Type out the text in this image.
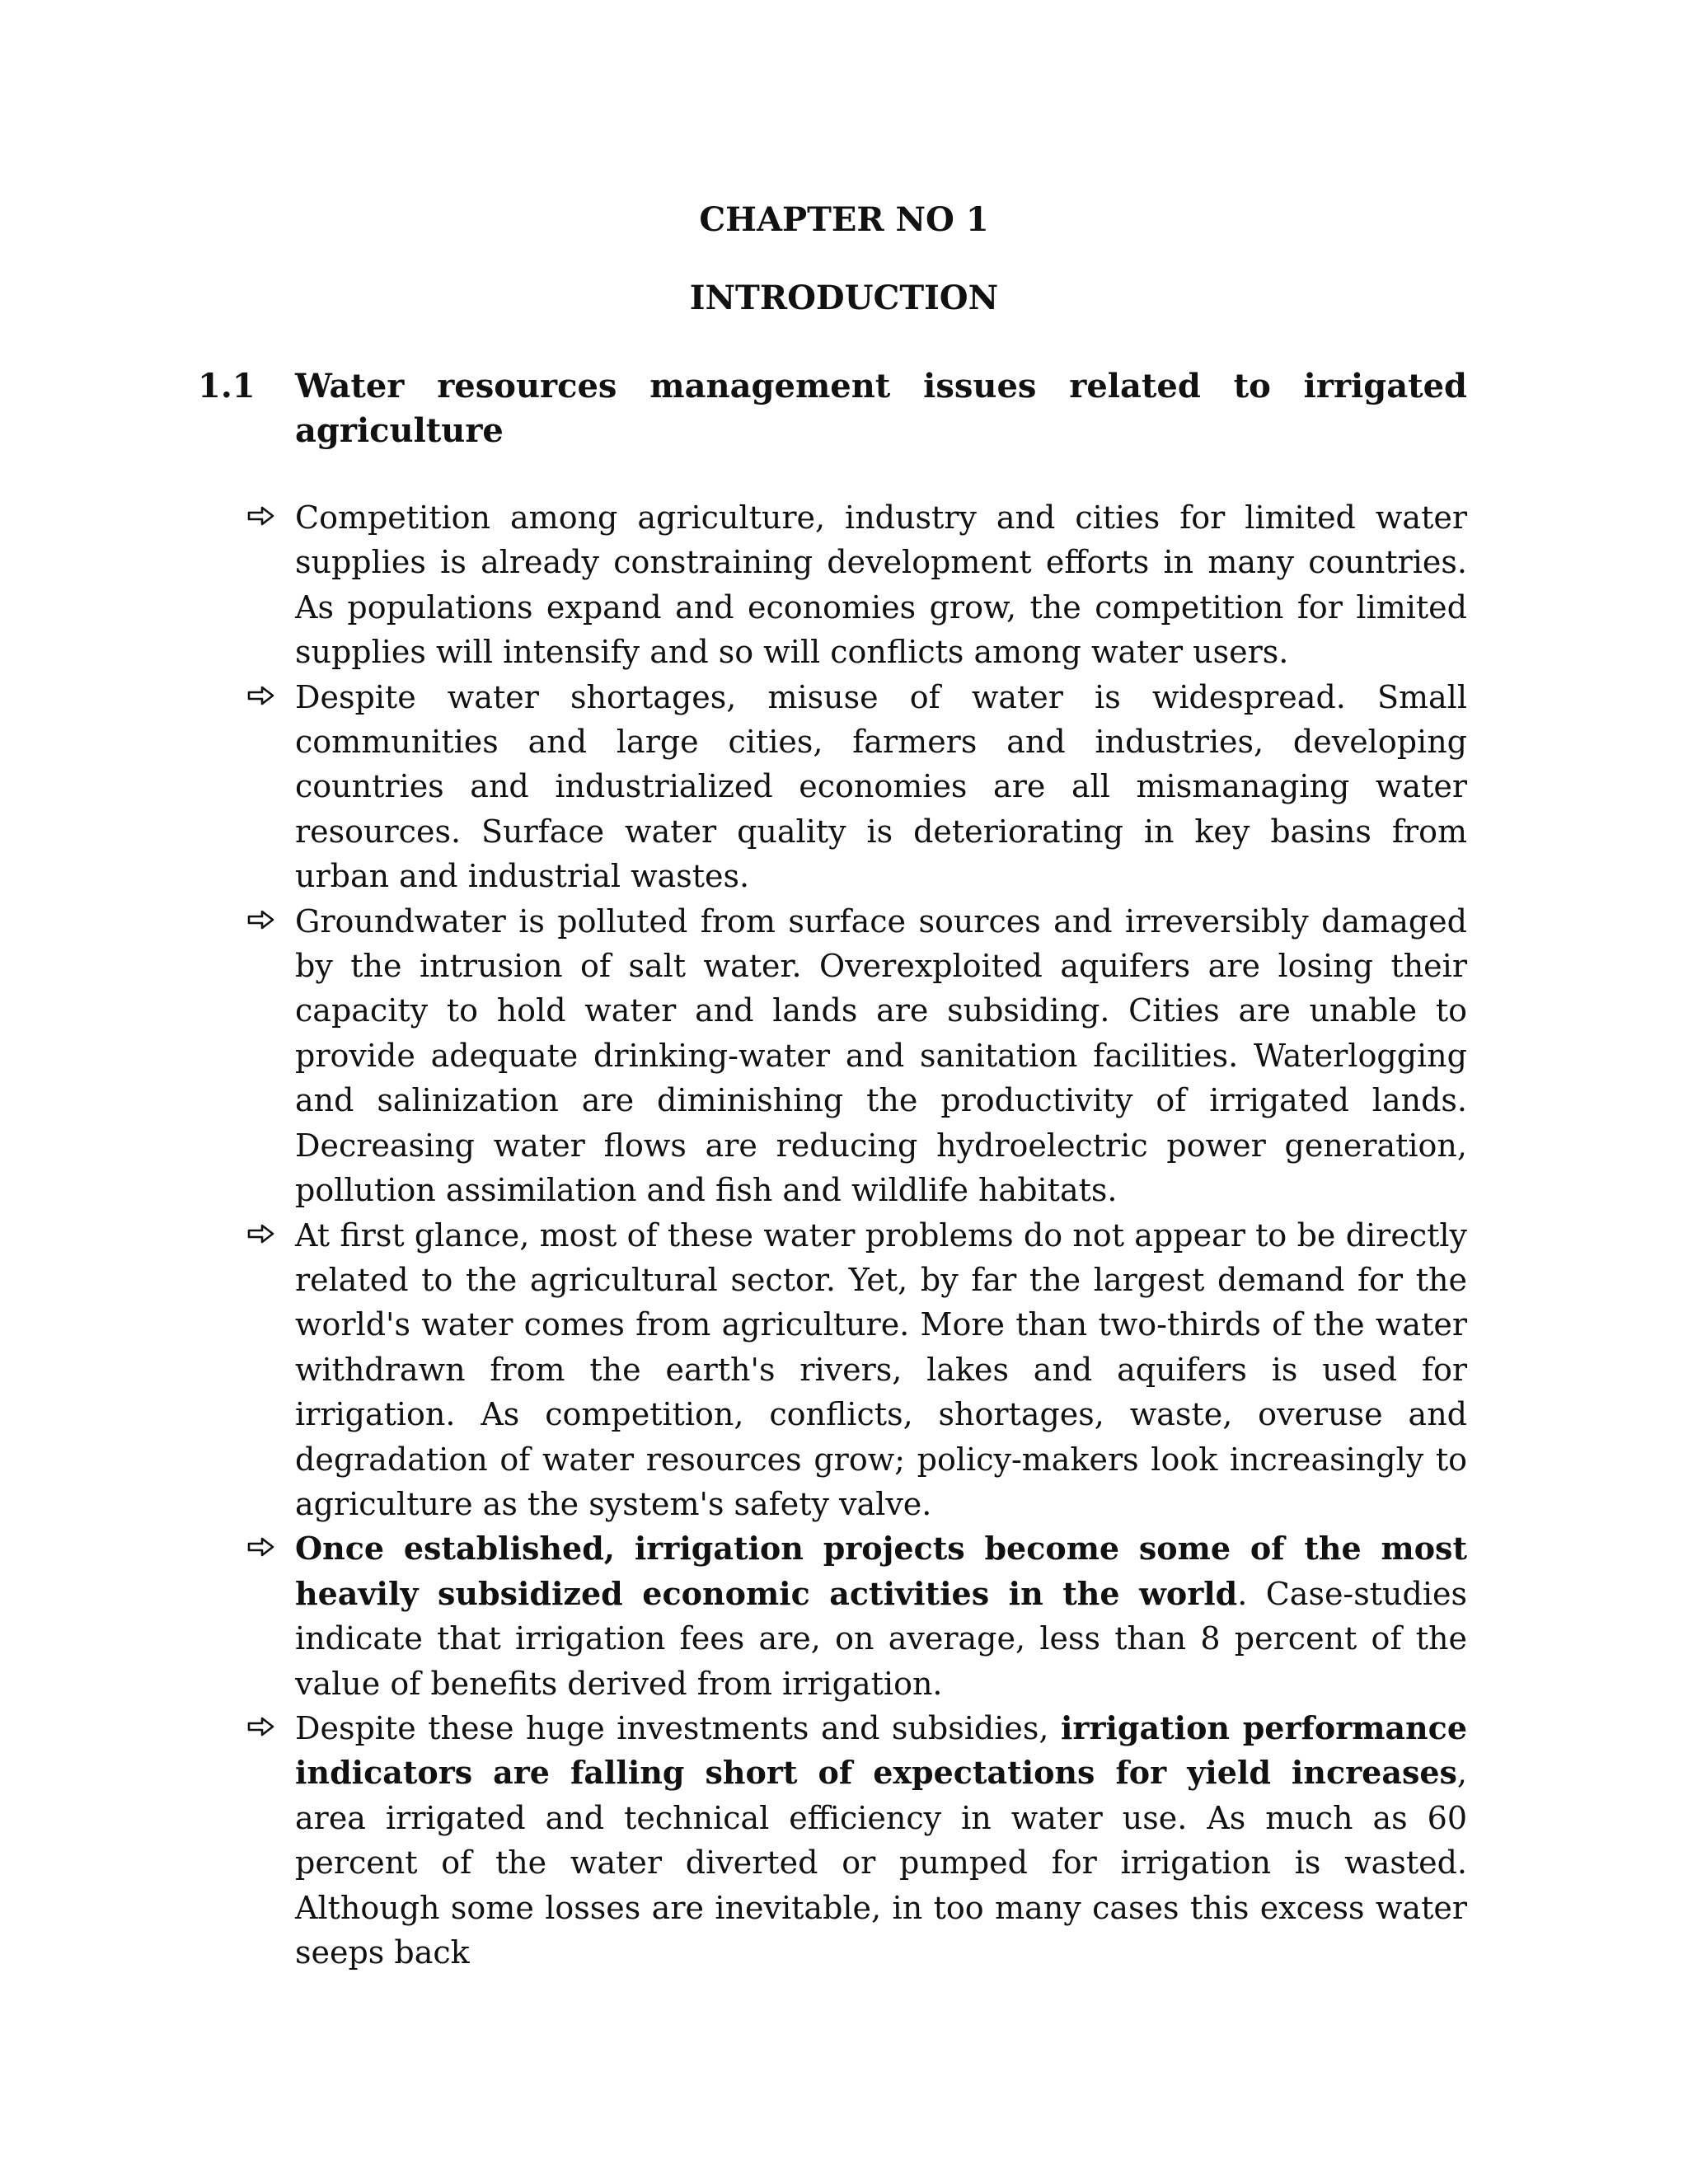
CHAPTER NO 1
INTRODUCTION
1.1 Water resources management issues related to irrigated agriculture

Competition among agriculture, industry and cities for limited water supplies is already constraining development efforts in many countries. As populations expand and economies grow, the competition for limited supplies will intensify and so will conflicts among water users.

Despite water shortages, misuse of water is widespread. Small communities and large cities, farmers and industries, developing countries and industrialized economies are all mismanaging water resources. Surface water quality is deteriorating in key basins from urban and industrial wastes.

Groundwater is polluted from surface sources and irreversibly damaged by the intrusion of salt water. Overexploited aquifers are losing their capacity to hold water and lands are subsiding. Cities are unable to provide adequate drinking-water and sanitation facilities. Waterlogging and salinization are diminishing the productivity of irrigated lands. Decreasing water flows are reducing hydroelectric power generation, pollution assimilation and fish and wildlife habitats.

At first glance, most of these water problems do not appear to be directly related to the agricultural sector. Yet, by far the largest demand for the world's water comes from agriculture. More than two-thirds of the water withdrawn from the earth's rivers, lakes and aquifers is used for irrigation. As competition, conflicts, shortages, waste, overuse and degradation of water resources grow; policy-makers look increasingly to agriculture as the system's safety valve.

Once established, irrigation projects become some of the most heavily subsidized economic activities in the world. Case-studies indicate that irrigation fees are, on average, less than 8 percent of the value of benefits derived from irrigation.

Despite these huge investments and subsidies, irrigation performance indicators are falling short of expectations for yield increases, area irrigated and technical efficiency in water use. As much as 60 percent of the water diverted or pumped for irrigation is wasted. Although some losses are inevitable, in too many cases this excess water seeps back
